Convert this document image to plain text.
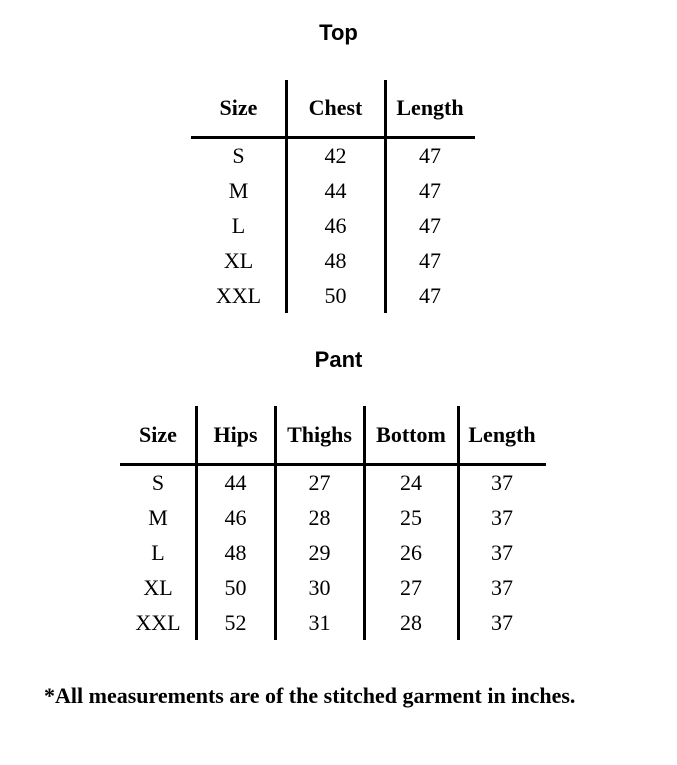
Top
Size	Chest	Length
S	42	47
M	44	47
L	46	47
XL	48	47
XXL	50	47
Pant
Size	Hips	Thighs	Bottom	Length
S	44	27	24	37
M	46	28	25	37
L	48	29	26	37
XL	50	30	27	37
XXL	52	31	28	37
*All measurements are of the stitched garment in inches.
